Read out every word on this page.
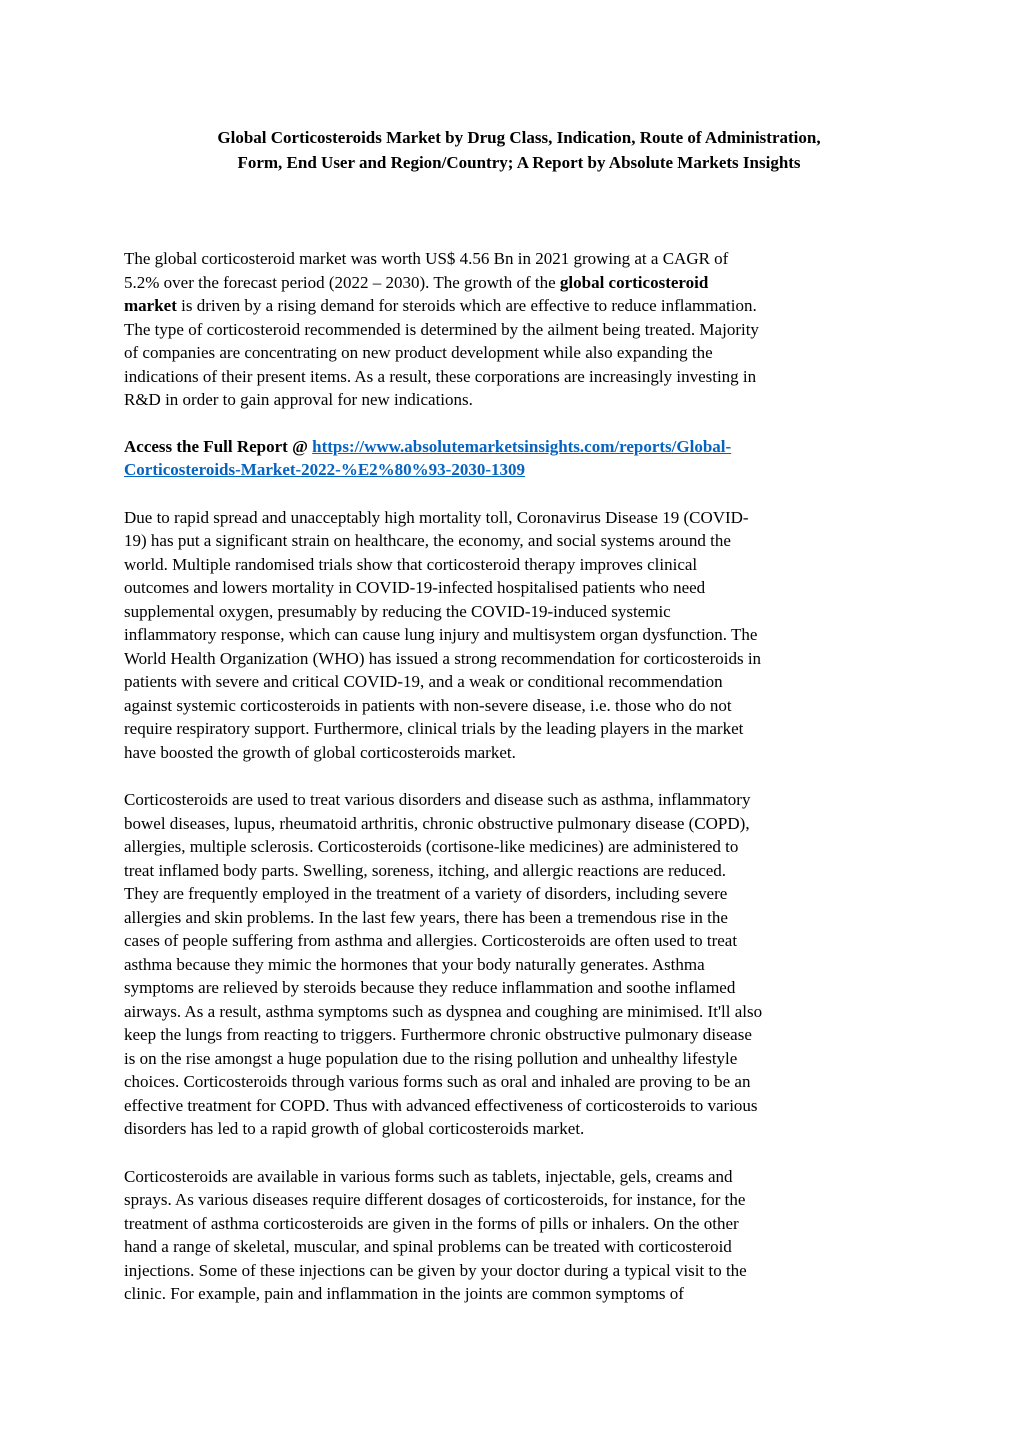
Global Corticosteroids Market by Drug Class, Indication, Route of Administration,
Form, End User and Region/Country; A Report by Absolute Markets Insights

The global corticosteroid market was worth US$ 4.56 Bn in 2021 growing at a CAGR of
5.2% over the forecast period (2022 – 2030). The growth of the global corticosteroid
market is driven by a rising demand for steroids which are effective to reduce inflammation.
The type of corticosteroid recommended is determined by the ailment being treated. Majority
of companies are concentrating on new product development while also expanding the
indications of their present items. As a result, these corporations are increasingly investing in
R&D in order to gain approval for new indications.

Access the Full Report @ https://www.absolutemarketsinsights.com/reports/Global-
Corticosteroids-Market-2022-%E2%80%93-2030-1309

Due to rapid spread and unacceptably high mortality toll, Coronavirus Disease 19 (COVID-
19) has put a significant strain on healthcare, the economy, and social systems around the
world. Multiple randomised trials show that corticosteroid therapy improves clinical
outcomes and lowers mortality in COVID-19-infected hospitalised patients who need
supplemental oxygen, presumably by reducing the COVID-19-induced systemic
inflammatory response, which can cause lung injury and multisystem organ dysfunction. The
World Health Organization (WHO) has issued a strong recommendation for corticosteroids in
patients with severe and critical COVID-19, and a weak or conditional recommendation
against systemic corticosteroids in patients with non-severe disease, i.e. those who do not
require respiratory support. Furthermore, clinical trials by the leading players in the market
have boosted the growth of global corticosteroids market.

Corticosteroids are used to treat various disorders and disease such as asthma, inflammatory
bowel diseases, lupus, rheumatoid arthritis, chronic obstructive pulmonary disease (COPD),
allergies, multiple sclerosis. Corticosteroids (cortisone-like medicines) are administered to
treat inflamed body parts. Swelling, soreness, itching, and allergic reactions are reduced.
They are frequently employed in the treatment of a variety of disorders, including severe
allergies and skin problems. In the last few years, there has been a tremendous rise in the
cases of people suffering from asthma and allergies. Corticosteroids are often used to treat
asthma because they mimic the hormones that your body naturally generates. Asthma
symptoms are relieved by steroids because they reduce inflammation and soothe inflamed
airways. As a result, asthma symptoms such as dyspnea and coughing are minimised. It'll also
keep the lungs from reacting to triggers. Furthermore chronic obstructive pulmonary disease
is on the rise amongst a huge population due to the rising pollution and unhealthy lifestyle
choices. Corticosteroids through various forms such as oral and inhaled are proving to be an
effective treatment for COPD. Thus with advanced effectiveness of corticosteroids to various
disorders has led to a rapid growth of global corticosteroids market.

Corticosteroids are available in various forms such as tablets, injectable, gels, creams and
sprays. As various diseases require different dosages of corticosteroids, for instance, for the
treatment of asthma corticosteroids are given in the forms of pills or inhalers. On the other
hand a range of skeletal, muscular, and spinal problems can be treated with corticosteroid
injections. Some of these injections can be given by your doctor during a typical visit to the
clinic. For example, pain and inflammation in the joints are common symptoms of
